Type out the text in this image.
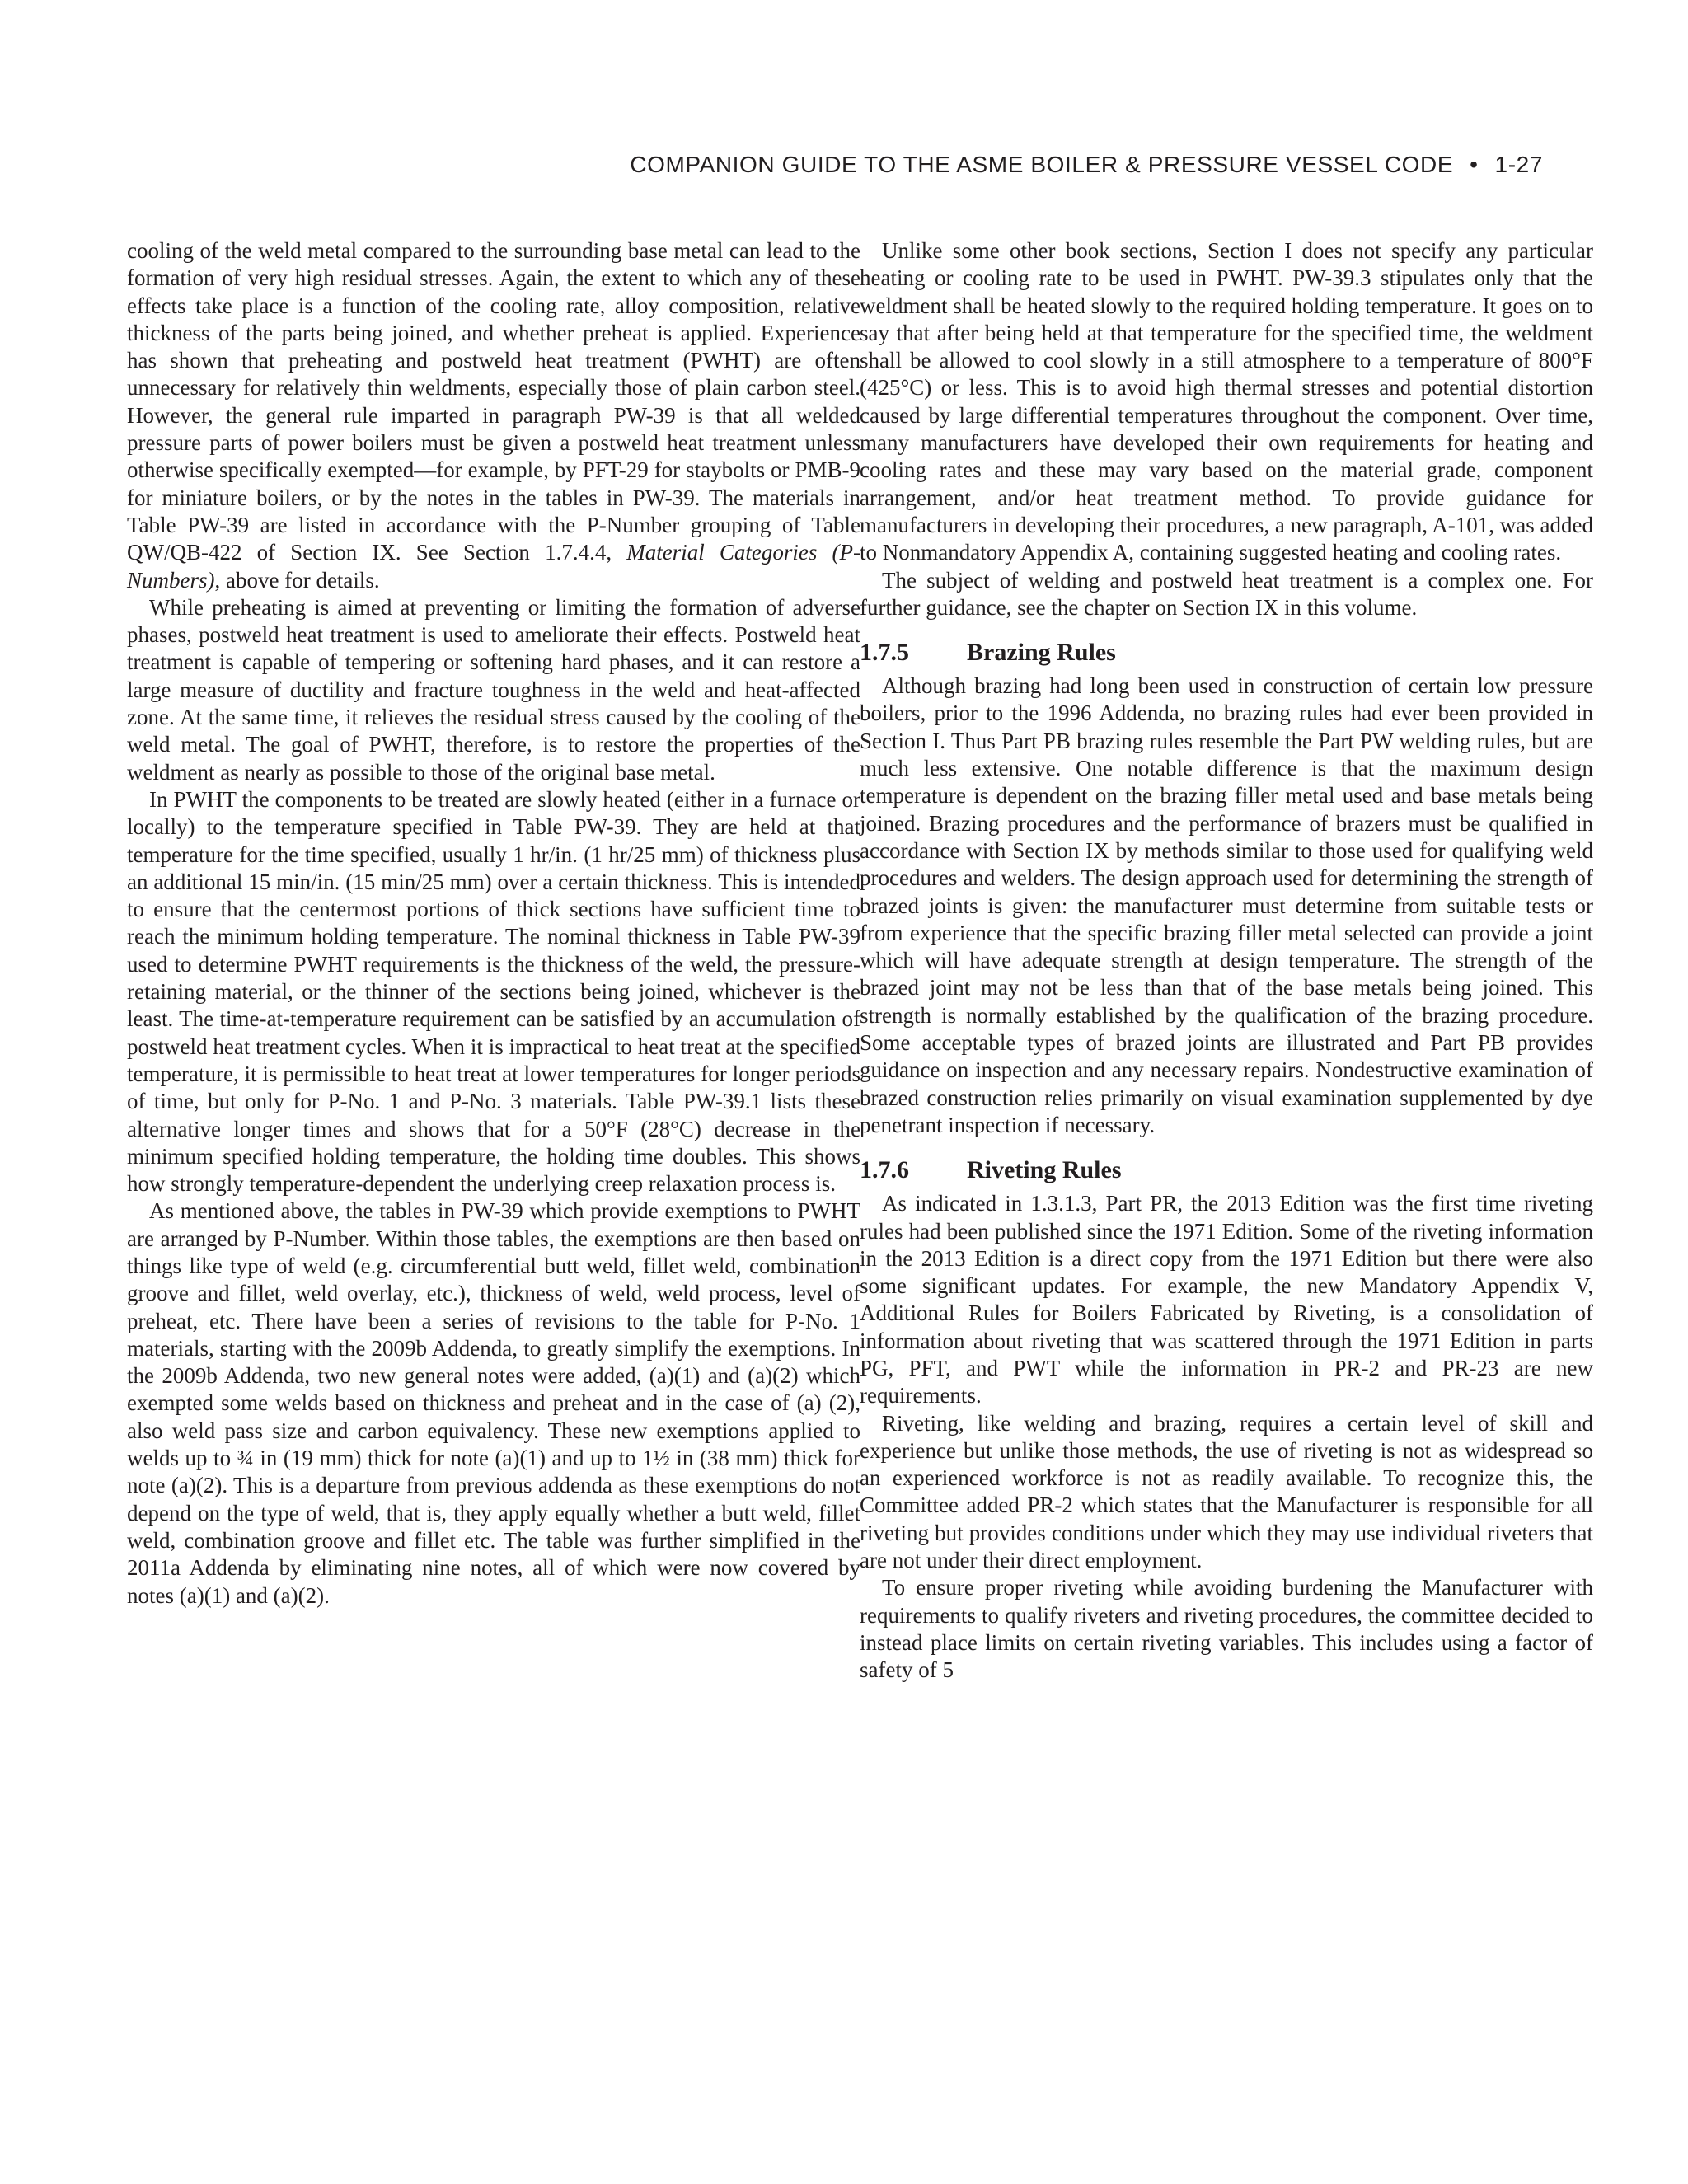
COMPANION GUIDE TO THE ASME BOILER & PRESSURE VESSEL CODE • 1-27

cooling of the weld metal compared to the surrounding base metal can lead to the formation of very high residual stresses. Again, the extent to which any of these effects take place is a function of the cooling rate, alloy composition, relative thickness of the parts being joined, and whether preheat is applied. Experience has shown that preheating and postweld heat treatment (PWHT) are often unnecessary for relatively thin weldments, especially those of plain carbon steel. However, the general rule imparted in paragraph PW-39 is that all welded pressure parts of power boilers must be given a postweld heat treatment unless otherwise specifically exempted—for example, by PFT-29 for staybolts or PMB-9 for miniature boilers, or by the notes in the tables in PW-39. The materials in Table PW-39 are listed in accordance with the P-Number grouping of Table QW/QB-422 of Section IX. See Section 1.7.4.4, Material Categories (P-Numbers), above for details.

While preheating is aimed at preventing or limiting the formation of adverse phases, postweld heat treatment is used to ameliorate their effects. Postweld heat treatment is capable of tempering or softening hard phases, and it can restore a large measure of ductility and fracture toughness in the weld and heat-affected zone. At the same time, it relieves the residual stress caused by the cooling of the weld metal. The goal of PWHT, therefore, is to restore the properties of the weldment as nearly as possible to those of the original base metal.

In PWHT the components to be treated are slowly heated (either in a furnace or locally) to the temperature specified in Table PW-39. They are held at that temperature for the time specified, usually 1 hr/in. (1 hr/25 mm) of thickness plus an additional 15 min/in. (15 min/25 mm) over a certain thickness. This is intended to ensure that the centermost portions of thick sections have sufficient time to reach the minimum holding temperature. The nominal thickness in Table PW-39 used to determine PWHT requirements is the thickness of the weld, the pressure-retaining material, or the thinner of the sections being joined, whichever is the least. The time-at-temperature requirement can be satisfied by an accumulation of postweld heat treatment cycles. When it is impractical to heat treat at the specified temperature, it is permissible to heat treat at lower temperatures for longer periods of time, but only for P-No. 1 and P-No. 3 materials. Table PW-39.1 lists these alternative longer times and shows that for a 50°F (28°C) decrease in the minimum specified holding temperature, the holding time doubles. This shows how strongly temperature-dependent the underlying creep relaxation process is.

As mentioned above, the tables in PW-39 which provide exemptions to PWHT are arranged by P-Number. Within those tables, the exemptions are then based on things like type of weld (e.g. circumferential butt weld, fillet weld, combination groove and fillet, weld overlay, etc.), thickness of weld, weld process, level of preheat, etc. There have been a series of revisions to the table for P-No. 1 materials, starting with the 2009b Addenda, to greatly simplify the exemptions. In the 2009b Addenda, two new general notes were added, (a)(1) and (a)(2) which exempted some welds based on thickness and preheat and in the case of (a) (2), also weld pass size and carbon equivalency. These new exemptions applied to welds up to ¾ in (19 mm) thick for note (a)(1) and up to 1½ in (38 mm) thick for note (a)(2). This is a departure from previous addenda as these exemptions do not depend on the type of weld, that is, they apply equally whether a butt weld, fillet weld, combination groove and fillet etc. The table was further simplified in the 2011a Addenda by eliminating nine notes, all of which were now covered by notes (a)(1) and (a)(2).

Unlike some other book sections, Section I does not specify any particular heating or cooling rate to be used in PWHT. PW-39.3 stipulates only that the weldment shall be heated slowly to the required holding temperature. It goes on to say that after being held at that temperature for the specified time, the weldment shall be allowed to cool slowly in a still atmosphere to a temperature of 800°F (425°C) or less. This is to avoid high thermal stresses and potential distortion caused by large differential temperatures throughout the component. Over time, many manufacturers have developed their own requirements for heating and cooling rates and these may vary based on the material grade, component arrangement, and/or heat treatment method. To provide guidance for manufacturers in developing their procedures, a new paragraph, A-101, was added to Nonmandatory Appendix A, containing suggested heating and cooling rates.

The subject of welding and postweld heat treatment is a complex one. For further guidance, see the chapter on Section IX in this volume.

1.7.5 Brazing Rules

Although brazing had long been used in construction of certain low pressure boilers, prior to the 1996 Addenda, no brazing rules had ever been provided in Section I. Thus Part PB brazing rules resemble the Part PW welding rules, but are much less extensive. One notable difference is that the maximum design temperature is dependent on the brazing filler metal used and base metals being joined. Brazing procedures and the performance of brazers must be qualified in accordance with Section IX by methods similar to those used for qualifying weld procedures and welders. The design approach used for determining the strength of brazed joints is given: the manufacturer must determine from suitable tests or from experience that the specific brazing filler metal selected can provide a joint which will have adequate strength at design temperature. The strength of the brazed joint may not be less than that of the base metals being joined. This strength is normally established by the qualification of the brazing procedure. Some acceptable types of brazed joints are illustrated and Part PB provides guidance on inspection and any necessary repairs. Nondestructive examination of brazed construction relies primarily on visual examination supplemented by dye penetrant inspection if necessary.

1.7.6 Riveting Rules

As indicated in 1.3.1.3, Part PR, the 2013 Edition was the first time riveting rules had been published since the 1971 Edition. Some of the riveting information in the 2013 Edition is a direct copy from the 1971 Edition but there were also some significant updates. For example, the new Mandatory Appendix V, Additional Rules for Boilers Fabricated by Riveting, is a consolidation of information about riveting that was scattered through the 1971 Edition in parts PG, PFT, and PWT while the information in PR-2 and PR-23 are new requirements.

Riveting, like welding and brazing, requires a certain level of skill and experience but unlike those methods, the use of riveting is not as widespread so an experienced workforce is not as readily available. To recognize this, the Committee added PR-2 which states that the Manufacturer is responsible for all riveting but provides conditions under which they may use individual riveters that are not under their direct employment.

To ensure proper riveting while avoiding burdening the Manufacturer with requirements to qualify riveters and riveting procedures, the committee decided to instead place limits on certain riveting variables. This includes using a factor of safety of 5
